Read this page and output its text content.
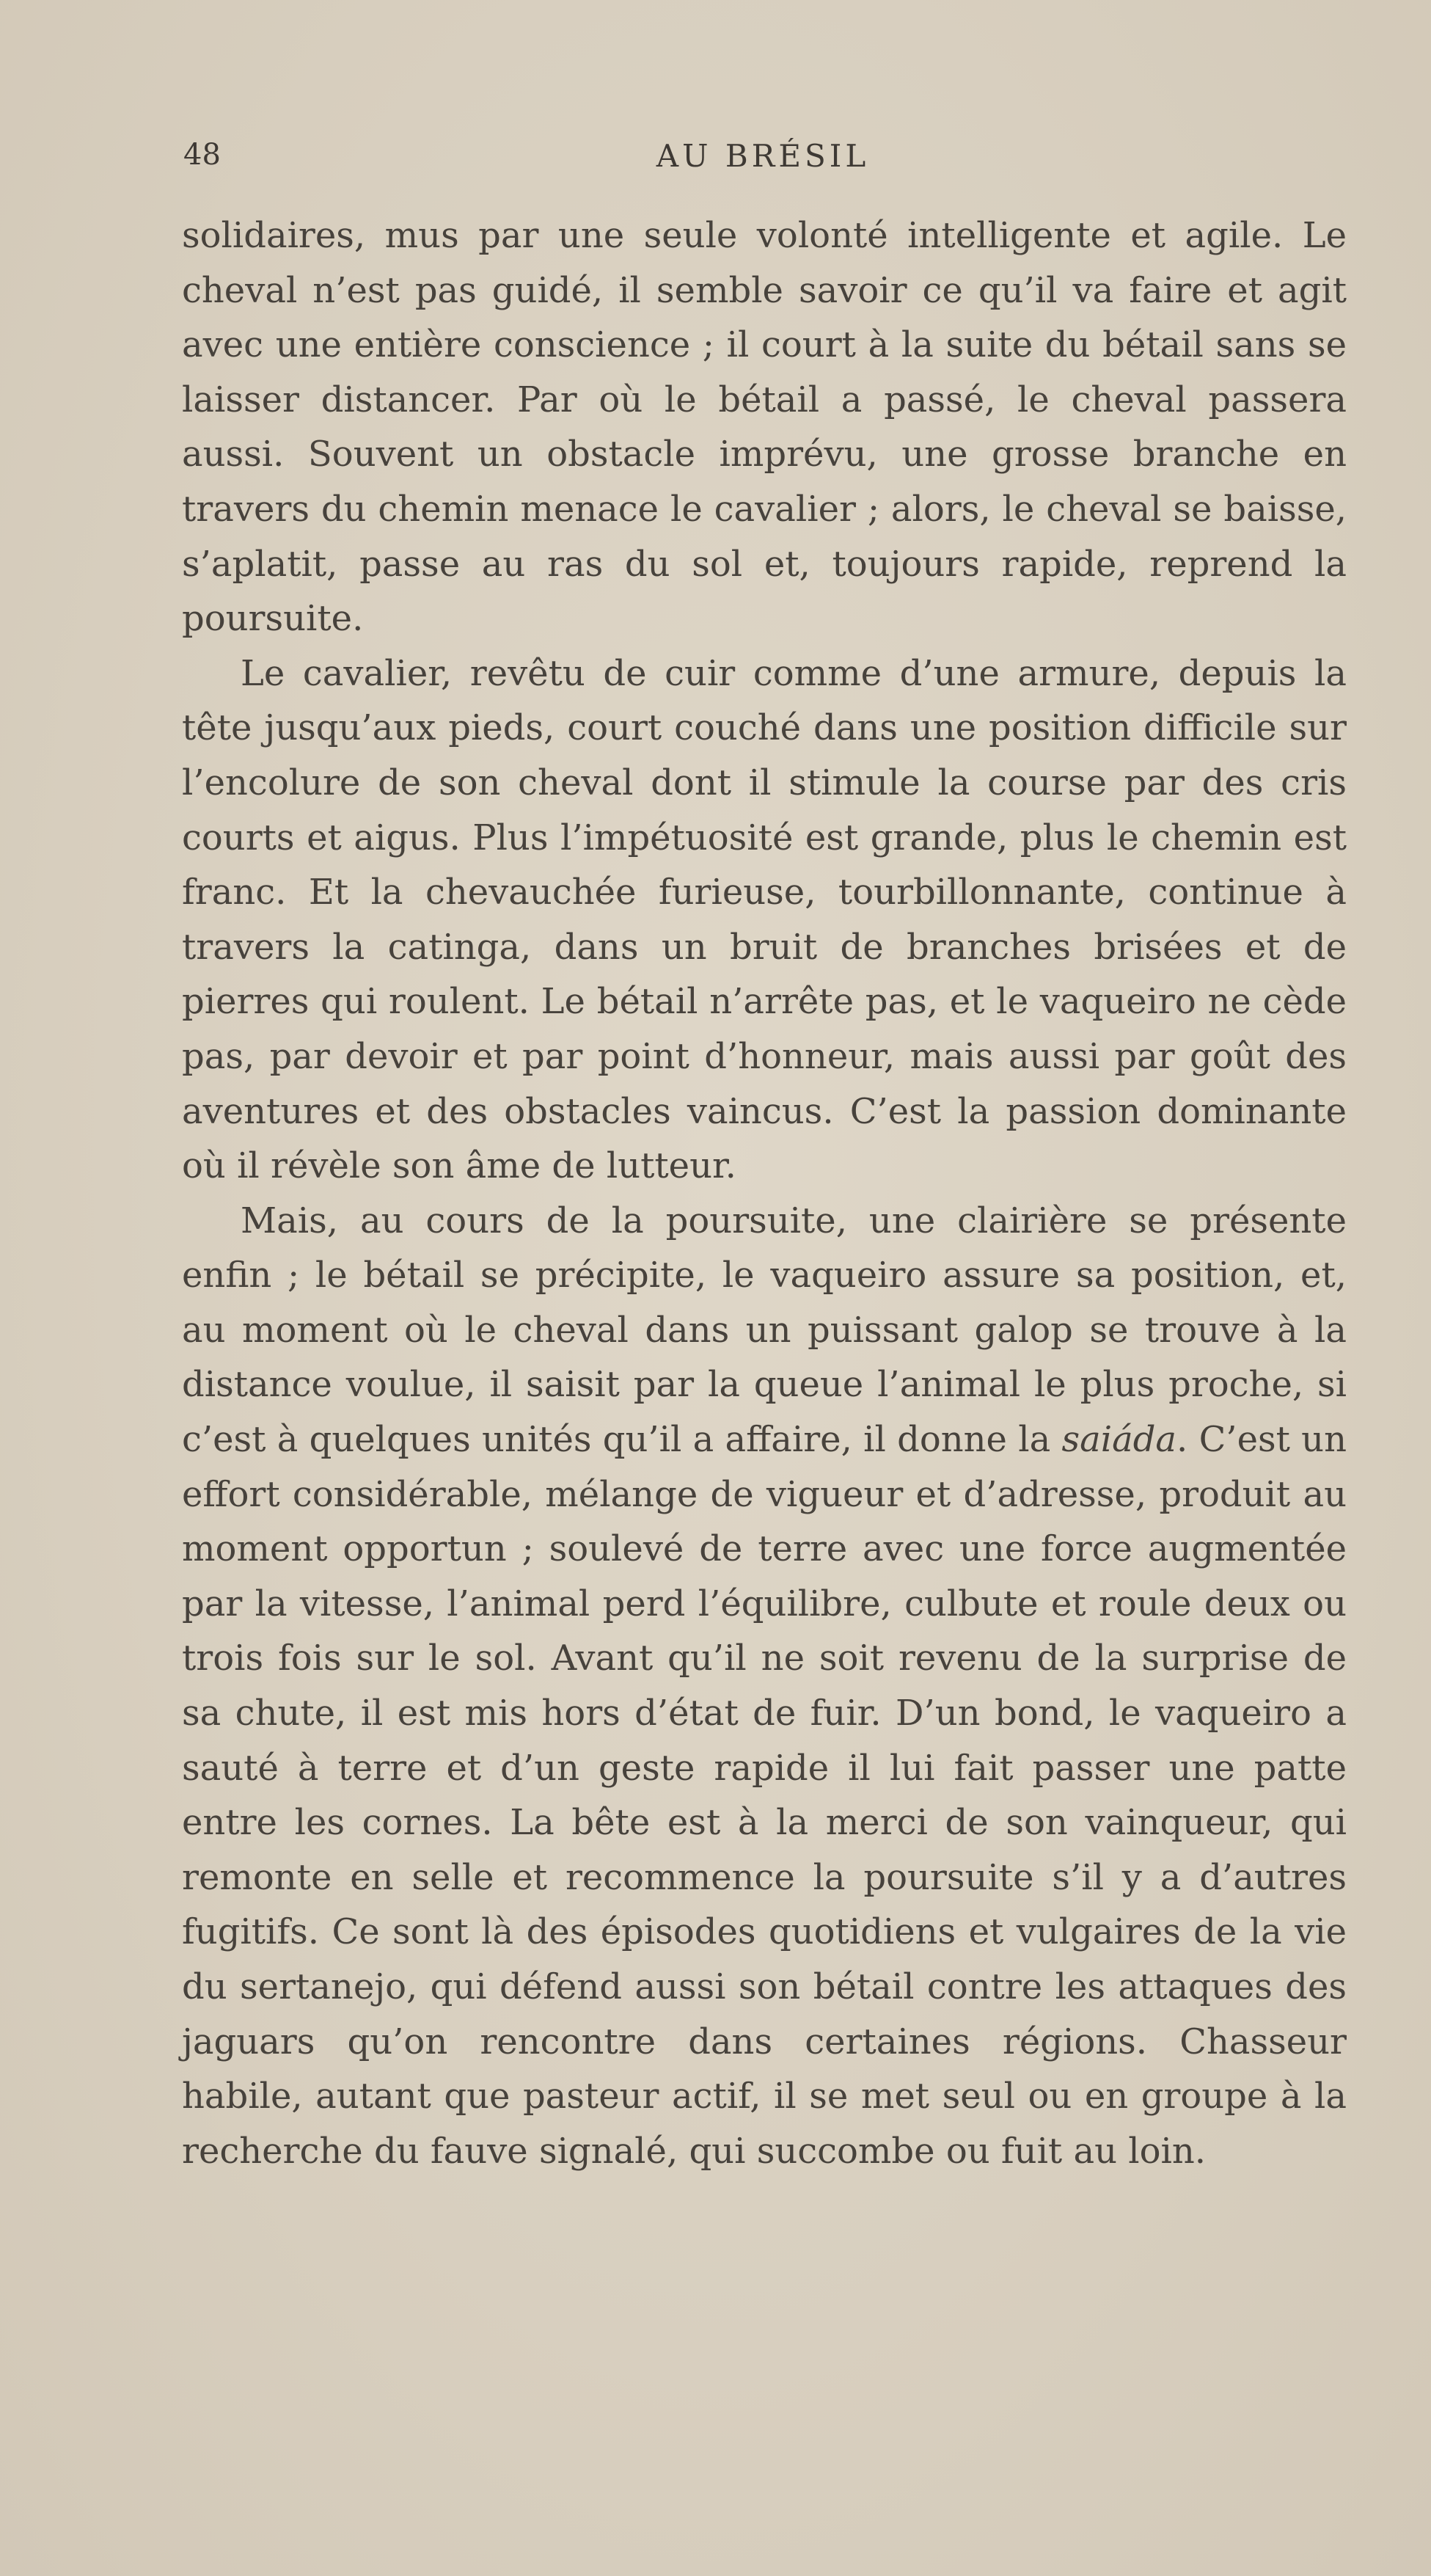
48	AU BRÉSIL

solidaires, mus par une seule volonté intelligente et agile. Le cheval n’est pas guidé, il semble savoir ce qu’il va faire et agit avec une entière conscience ; il court à la suite du bétail sans se laisser distancer. Par où le bétail a passé, le cheval passera aussi. Souvent un obstacle imprévu, une grosse branche en travers du chemin menace le cavalier ; alors, le cheval se baisse, s’aplatit, passe au ras du sol et, toujours rapide, reprend la poursuite.

Le cavalier, revêtu de cuir comme d’une armure, depuis la tête jusqu’aux pieds, court couché dans une position difficile sur l’encolure de son cheval dont il stimule la course par des cris courts et aigus. Plus l’impétuosité est grande, plus le chemin est franc. Et la chevauchée furieuse, tourbillonnante, continue à travers la catinga, dans un bruit de branches brisées et de pierres qui roulent. Le bétail n’arrête pas, et le vaqueiro ne cède pas, par devoir et par point d’honneur, mais aussi par goût des aventures et des obstacles vaincus. C’est la passion dominante où il révèle son âme de lutteur.

Mais, au cours de la poursuite, une clairière se présente enfin ; le bétail se précipite, le vaqueiro assure sa position, et, au moment où le cheval dans un puissant galop se trouve à la distance voulue, il saisit par la queue l’animal le plus proche, si c’est à quelques unités qu’il a affaire, il donne la saiáda. C’est un effort considérable, mélange de vigueur et d’adresse, produit au moment opportun ; soulevé de terre avec une force augmentée par la vitesse, l’animal perd l’équilibre, culbute et roule deux ou trois fois sur le sol. Avant qu’il ne soit revenu de la surprise de sa chute, il est mis hors d’état de fuir. D’un bond, le vaqueiro a sauté à terre et d’un geste rapide il lui fait passer une patte entre les cornes. La bête est à la merci de son vainqueur, qui remonte en selle et recommence la poursuite s’il y a d’autres fugitifs. Ce sont là des épisodes quotidiens et vulgaires de la vie du sertanejo, qui défend aussi son bétail contre les attaques des jaguars qu’on rencontre dans certaines régions. Chasseur habile, autant que pasteur actif, il se met seul ou en groupe à la recherche du fauve signalé, qui succombe ou fuit au loin.
